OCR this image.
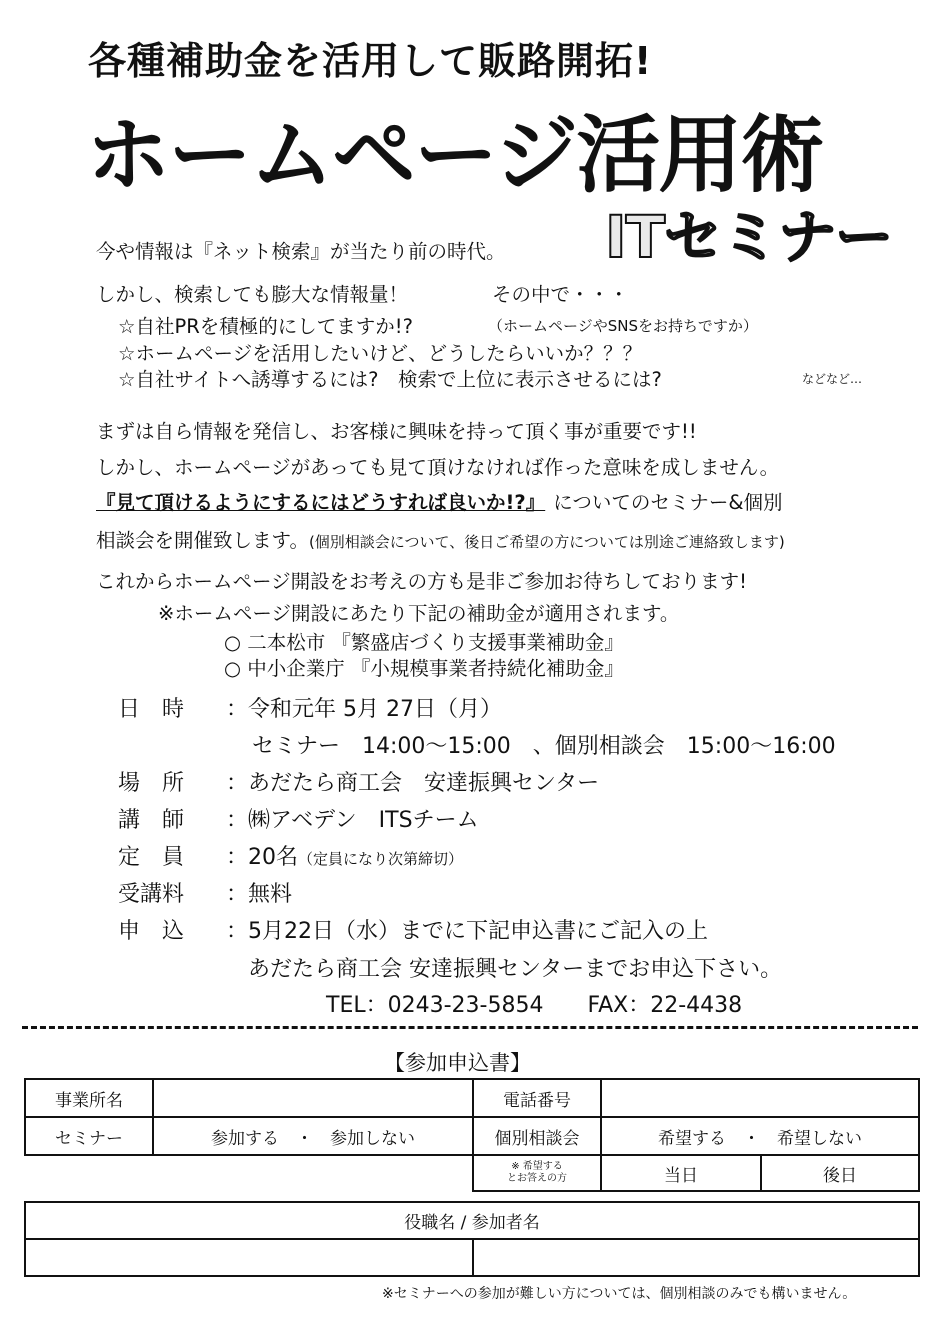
各種補助金を活用して販路開拓!
ホームページ活用術
ITセミナー
今や情報は『ネット検索』が当たり前の時代。
しかし、検索しても膨大な情報量！	その中で・・・
☆自社PRを積極的にしてますか!?	（ホームページやSNSをお持ちですか）
☆ホームページを活用したいけど、どうしたらいいか？？？
☆自社サイトへ誘導するには?　検索で上位に表示させるには?	などなど…
まずは自ら情報を発信し、お客様に興味を持って頂く事が重要です!!
しかし、ホームページがあっても見て頂けなければ作った意味を成しません。
『見て頂けるようにするにはどうすれば良いか!?』 についてのセミナー&個別
相談会を開催致します。(個別相談会について、後日ご希望の方については別途ご連絡致します)
これからホームページ開設をお考えの方も是非ご参加お待ちしております!
※ホームページ開設にあたり下記の補助金が適用されます。
○ 二本松市 『繁盛店づくり支援事業補助金』
○ 中小企業庁 『小規模事業者持続化補助金』
日　時 ：令和元年 5月 27日（月）
セミナー　14:00～15:00　、個別相談会　15:00～16:00
場　所 ：あだたら商工会　安達振興センター
講　師 ：㈱アベデン　ITSチーム
定　員 ：20名（定員になり次第締切）
受講料 ：無料
申　込 ：5月22日（水）までに下記申込書にご記入の上
あだたら商工会 安達振興センターまでお申込下さい。
TEL：0243-23-5854　　FAX：22-4438
【参加申込書】
事業所名		電話番号		
セミナー	参加する　・　参加しない	個別相談会	希望する　・　希望しない	
		※ 希望する
とお答えの方	当日	後日
役職名 / 参加者名

※セミナーへの参加が難しい方については、個別相談のみでも構いません。
